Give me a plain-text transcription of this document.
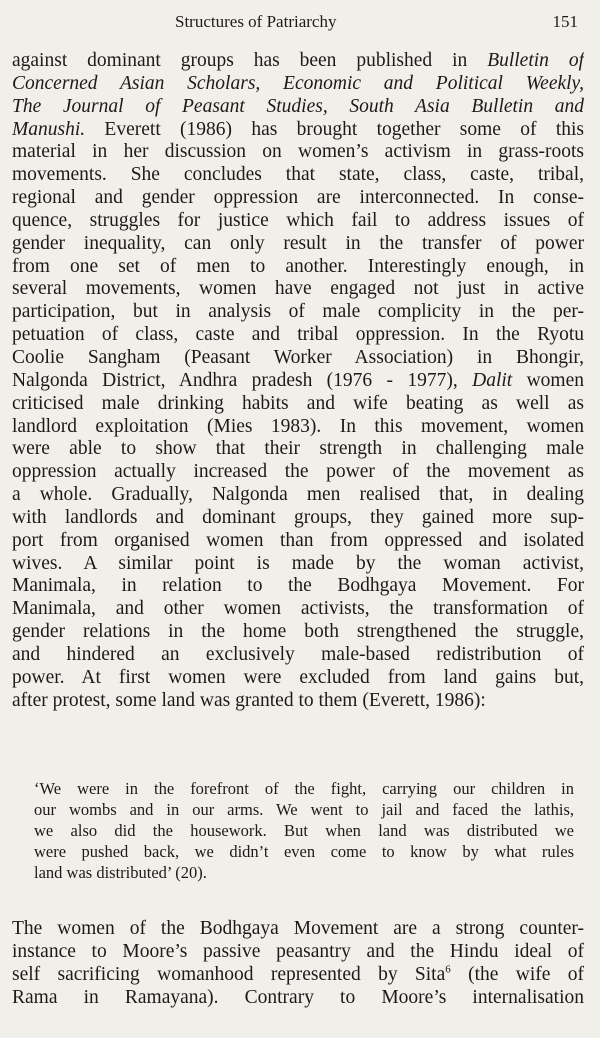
Structures of Patriarchy	151
against dominant groups has been published in Bulletin of
Concerned Asian Scholars, Economic and Political Weekly,
The Journal of Peasant Studies, South Asia Bulletin and
Manushi. Everett (1986) has brought together some of this
material in her discussion on women’s activism in grass-roots
movements. She concludes that state, class, caste, tribal,
regional and gender oppression are interconnected. In conse-
quence, struggles for justice which fail to address issues of
gender inequality, can only result in the transfer of power
from one set of men to another. Interestingly enough, in
several movements, women have engaged not just in active
participation, but in analysis of male complicity in the per-
petuation of class, caste and tribal oppression. In the Ryotu
Coolie Sangham (Peasant Worker Association) in Bhongir,
Nalgonda District, Andhra pradesh (1976 - 1977), Dalit women
criticised male drinking habits and wife beating as well as
landlord exploitation (Mies 1983). In this movement, women
were able to show that their strength in challenging male
oppression actually increased the power of the movement as
a whole. Gradually, Nalgonda men realised that, in dealing
with landlords and dominant groups, they gained more sup-
port from organised women than from oppressed and isolated
wives. A similar point is made by the woman activist,
Manimala, in relation to the Bodhgaya Movement. For
Manimala, and other women activists, the transformation of
gender relations in the home both strengthened the struggle,
and hindered an exclusively male-based redistribution of
power. At first women were excluded from land gains but,
after protest, some land was granted to them (Everett, 1986):
‘We were in the forefront of the fight, carrying our children in
our wombs and in our arms. We went to jail and faced the lathis,
we also did the housework. But when land was distributed we
were pushed back, we didn’t even come to know by what rules
land was distributed’ (20).
The women of the Bodhgaya Movement are a strong counter-
instance to Moore’s passive peasantry and the Hindu ideal of
self sacrificing womanhood represented by Sita$^6$ (the wife of
Rama in Ramayana). Contrary to Moore’s internalisation
